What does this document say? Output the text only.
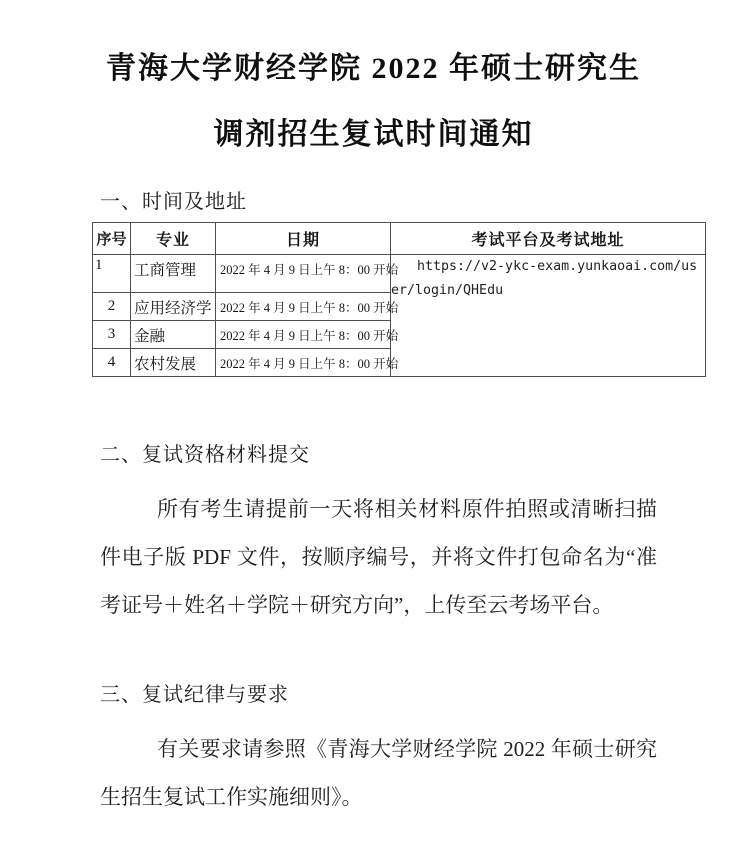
青海大学财经学院 2022 年硕士研究生
调剂招生复试时间通知
一、时间及地址
序号	专业	日期	考试平台及考试地址
1	工商管理	2022 年 4 月 9 日上午 8：00 开始	https://v2-ykc-exam.yunkaoai.com/user/login/QHEdu
2	应用经济学	2022 年 4 月 9 日上午 8：00 开始	
3	金融	2022 年 4 月 9 日上午 8：00 开始	
4	农村发展	2022 年 4 月 9 日上午 8：00 开始	
二、复试资格材料提交
所有考生请提前一天将相关材料原件拍照或清晰扫描件电子版 PDF 文件，按顺序编号，并将文件打包命名为“准考证号＋姓名＋学院＋研究方向”，上传至云考场平台。
三、复试纪律与要求
有关要求请参照《青海大学财经学院 2022 年硕士研究生招生复试工作实施细则》。
